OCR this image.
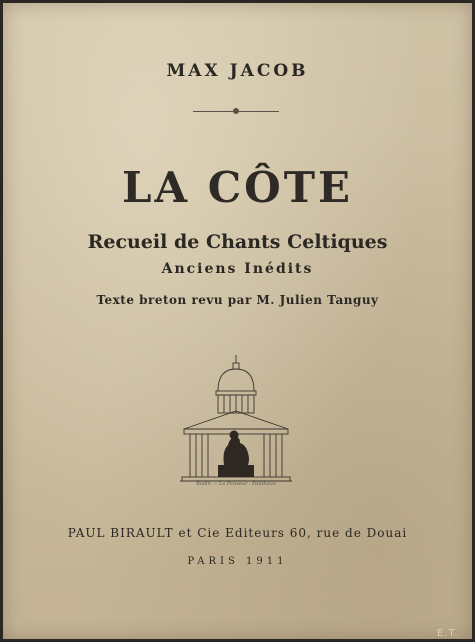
MAX JACOB
LA CÔTE
Recueil de Chants Celtiques
Anciens Inédits
Texte breton revu par M. Julien Tanguy
Rodin — Le Penseur · Panthéon
PAUL BIRAULT et Cie Editeurs 60, rue de Douai
PARIS 1911
E.T.
